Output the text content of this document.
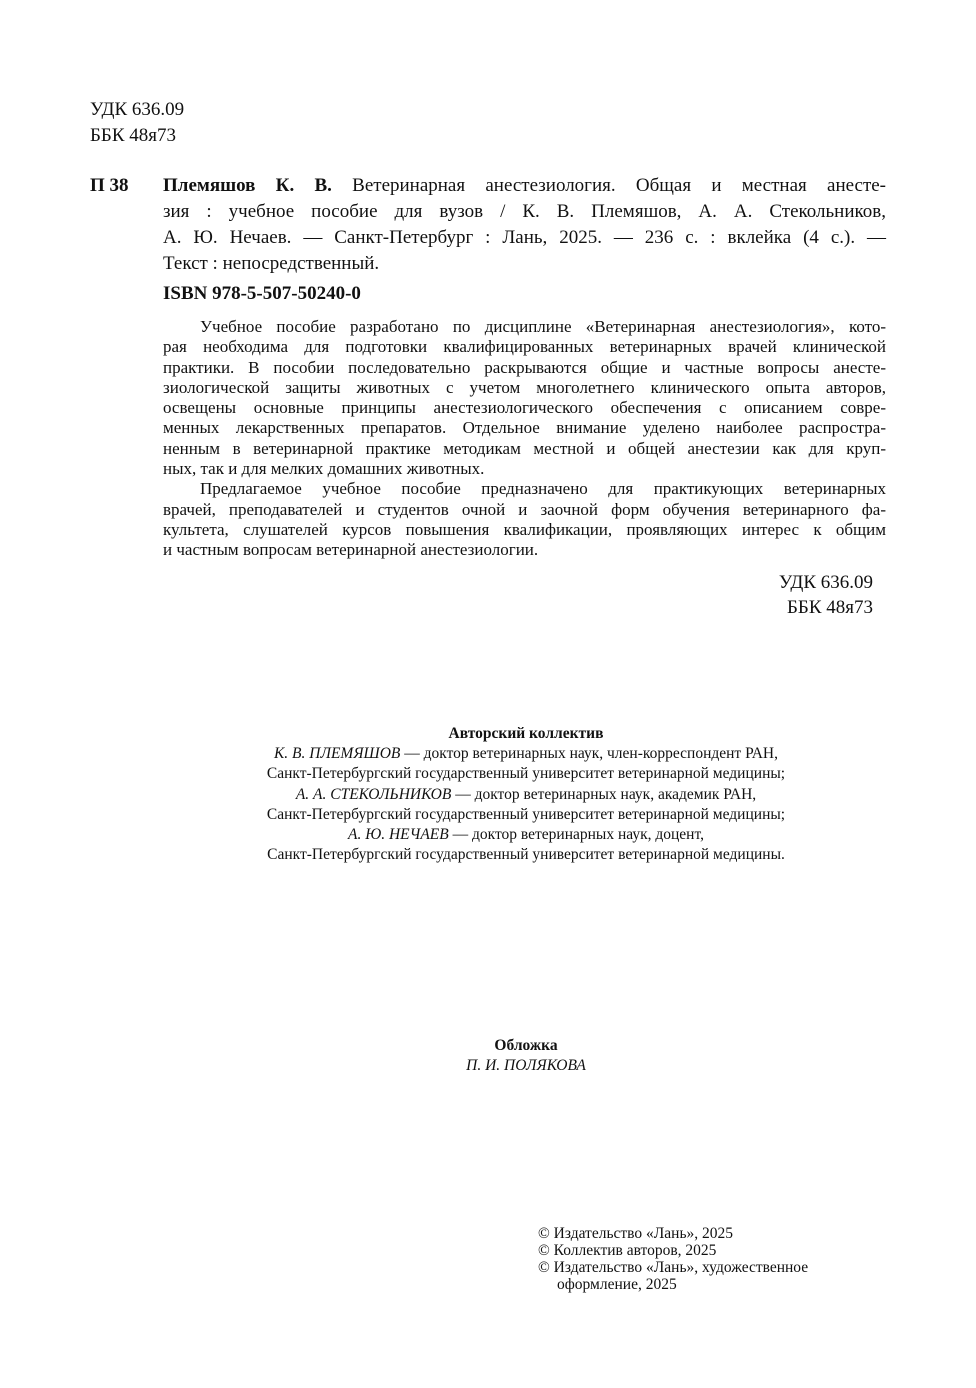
УДК 636.09
ББК 48я73
П 38 Племяшов К. В. Ветеринарная анестезиология. Общая и местная анесте-

зия : учебное пособие для вузов / К. В. Племяшов, А. А. Стекольников,

А. Ю. Нечаев. — Санкт-Петербург : Лань, 2025. — 236 с. : вклейка (4 с.). —

Текст : непосредственный.

ISBN 978-5-507-50240-0

Учебное пособие разработано по дисциплине «Ветеринарная анестезиология», кото-

рая необходима для подготовки квалифицированных ветеринарных врачей клинической

практики. В пособии последовательно раскрываются общие и частные вопросы анесте-

зиологической защиты животных с учетом многолетнего клинического опыта авторов,

освещены основные принципы анестезиологического обеспечения с описанием совре-

менных лекарственных препаратов. Отдельное внимание уделено наиболее распростра-

ненным в ветеринарной практике методикам местной и общей анестезии как для круп-

ных, так и для мелких домашних животных.

Предлагаемое учебное пособие предназначено для практикующих ветеринарных

врачей, преподавателей и студентов очной и заочной форм обучения ветеринарного фа-

культета, слушателей курсов повышения квалификации, проявляющих интерес к общим

и частным вопросам ветеринарной анестезиологии.

УДК 636.09
ББК 48я73
Авторский коллектив
К. В. ПЛЕМЯШОВ — доктор ветеринарных наук, член-корреспондент РАН,
Санкт-Петербургский государственный университет ветеринарной медицины;
А. А. СТЕКОЛЬНИКОВ — доктор ветеринарных наук, академик РАН,
Санкт-Петербургский государственный университет ветеринарной медицины;
А. Ю. НЕЧАЕВ — доктор ветеринарных наук, доцент,
Санкт-Петербургский государственный университет ветеринарной медицины.
Обложка
П. И. ПОЛЯКОВА
© Издательство «Лань», 2025
© Коллектив авторов, 2025
© Издательство «Лань», художественное
оформление, 2025
